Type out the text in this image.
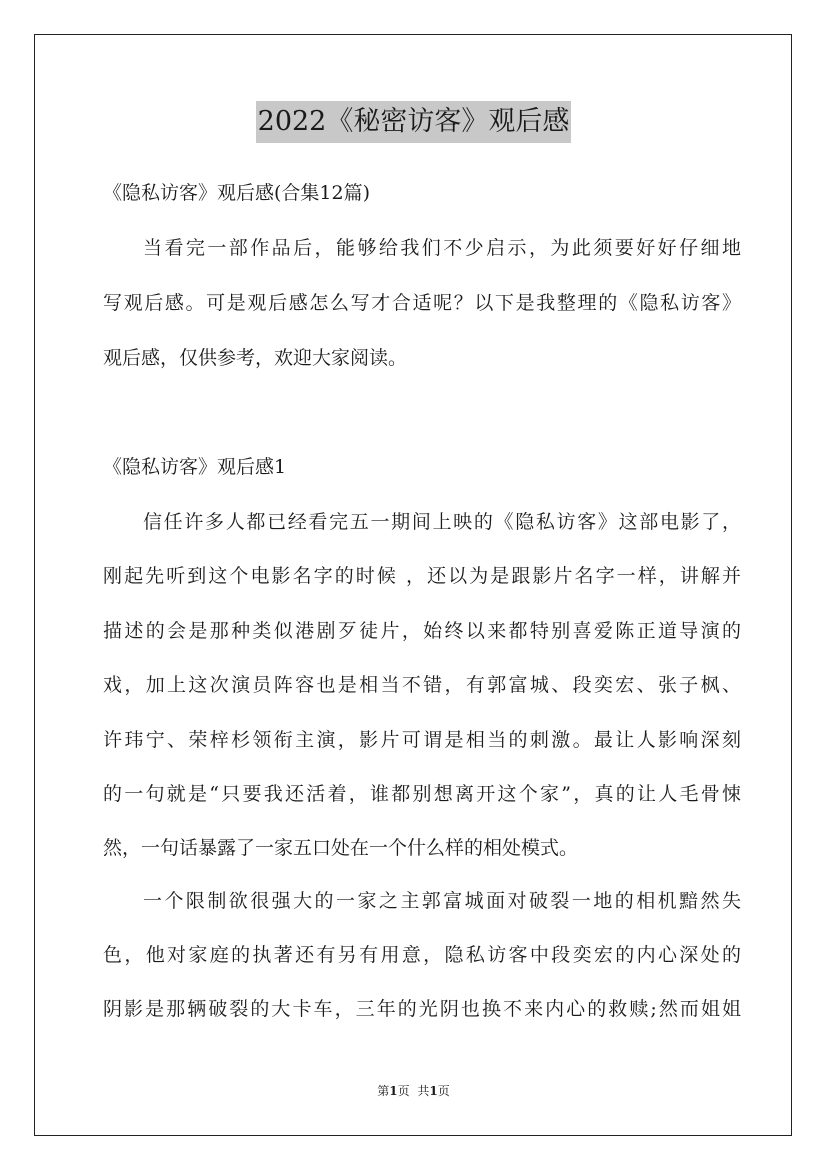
2022《秘密访客》观后感
《隐私访客》观后感(合集12篇)
当看完一部作品后，能够给我们不少启示，为此须要好好仔细地
写观后感。可是观后感怎么写才合适呢？以下是我整理的《隐私访客》
观后感，仅供参考，欢迎大家阅读。
《隐私访客》观后感1
信任许多人都已经看完五一期间上映的《隐私访客》这部电影了，
刚起先听到这个电影名字的时候 ，还以为是跟影片名字一样，讲解并
描述的会是那种类似港剧歹徒片，始终以来都特别喜爱陈正道导演的
戏，加上这次演员阵容也是相当不错，有郭富城、段奕宏、张子枫、
许玮宁、荣梓杉领衔主演，影片可谓是相当的刺激。最让人影响深刻
的一句就是“只要我还活着，谁都别想离开这个家”，真的让人毛骨悚
然，一句话暴露了一家五口处在一个什么样的相处模式。
一个限制欲很强大的一家之主郭富城面对破裂一地的相机黯然失
色，他对家庭的执著还有另有用意，隐私访客中段奕宏的内心深处的
阴影是那辆破裂的大卡车，三年的光阴也换不来内心的救赎;然而姐姐
第1页 共1页
